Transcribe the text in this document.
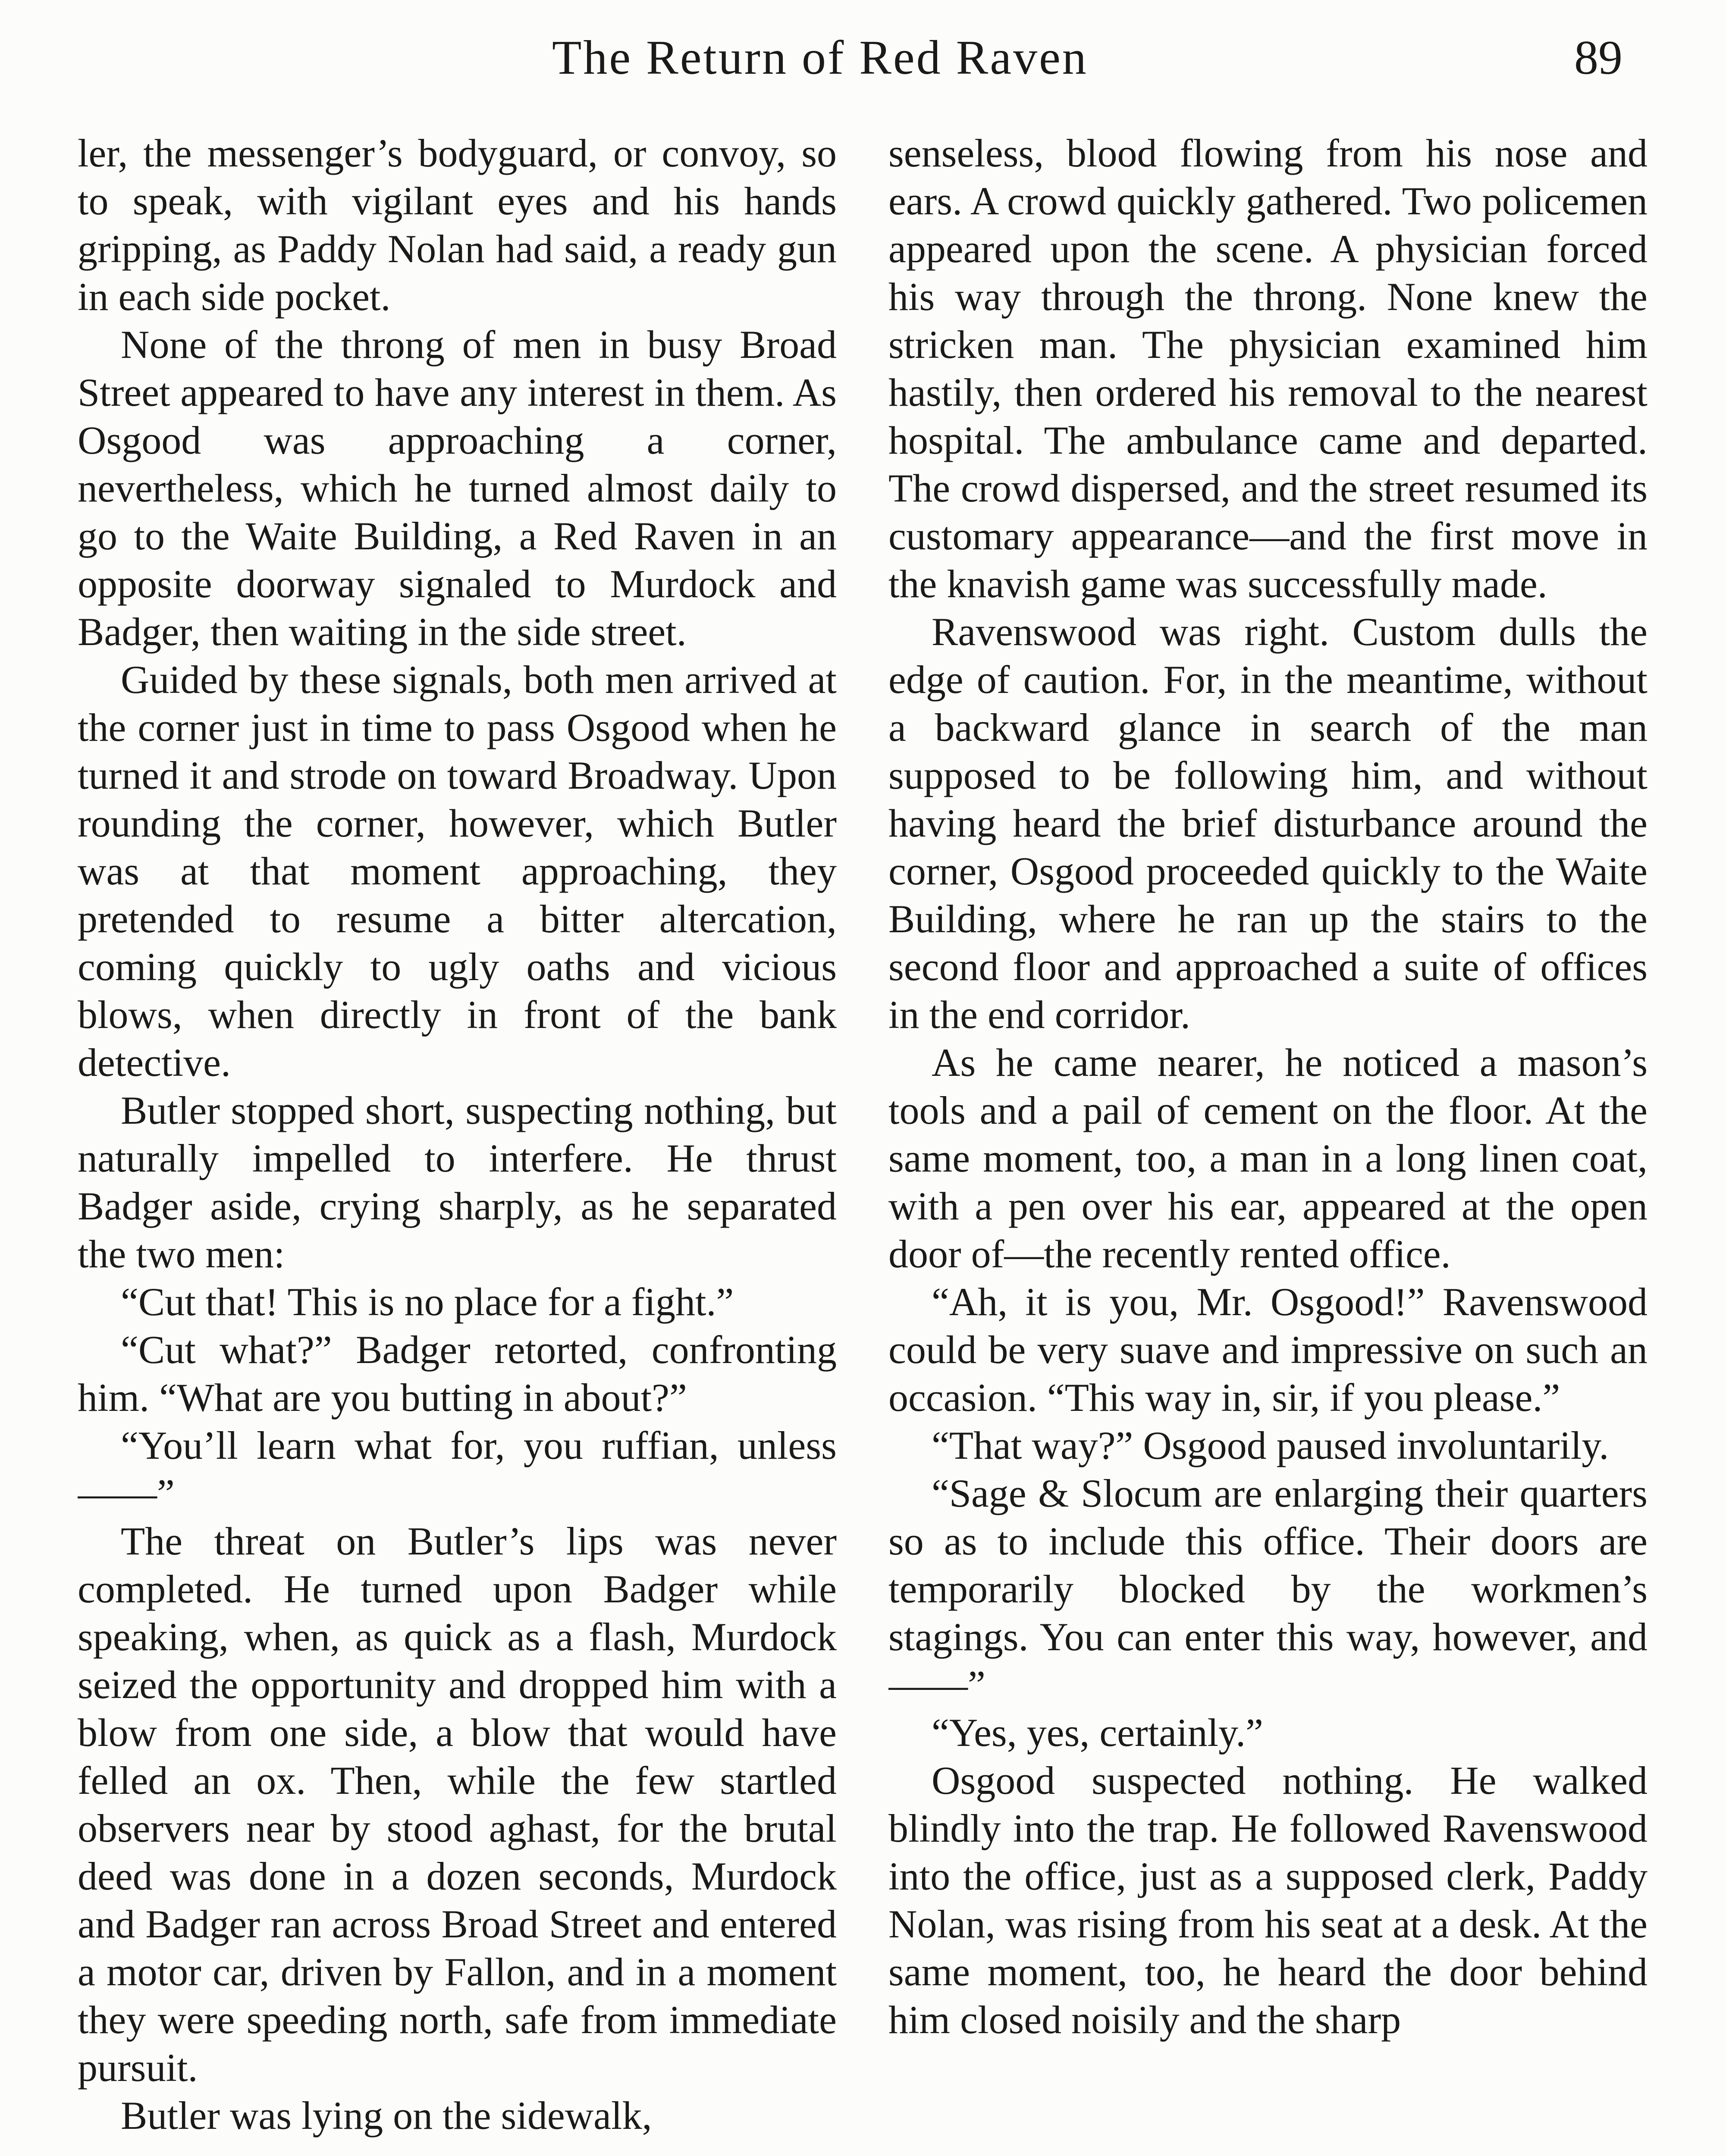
The Return of Red Raven	89

ler, the messenger’s bodyguard, or convoy, so to speak, with vigilant eyes and his hands gripping, as Paddy Nolan had said, a ready gun in each side pocket.

None of the throng of men in busy Broad Street appeared to have any interest in them. As Osgood was approaching a corner, nevertheless, which he turned almost daily to go to the Waite Building, a Red Raven in an opposite doorway signaled to Murdock and Badger, then waiting in the side street.

Guided by these signals, both men arrived at the corner just in time to pass Osgood when he turned it and strode on toward Broadway. Upon rounding the corner, however, which Butler was at that moment approaching, they pretended to resume a bitter altercation, coming quickly to ugly oaths and vicious blows, when directly in front of the bank detective.

Butler stopped short, suspecting nothing, but naturally impelled to interfere. He thrust Badger aside, crying sharply, as he separated the two men:

“Cut that! This is no place for a fight.”

“Cut what?” Badger retorted, confronting him. “What are you butting in about?”

“You’ll learn what for, you ruffian, unless——”

The threat on Butler’s lips was never completed. He turned upon Badger while speaking, when, as quick as a flash, Murdock seized the opportunity and dropped him with a blow from one side, a blow that would have felled an ox. Then, while the few startled observers near by stood aghast, for the brutal deed was done in a dozen seconds, Murdock and Badger ran across Broad Street and entered a motor car, driven by Fallon, and in a moment they were speeding north, safe from immediate pursuit.

Butler was lying on the sidewalk,

senseless, blood flowing from his nose and ears. A crowd quickly gathered. Two policemen appeared upon the scene. A physician forced his way through the throng. None knew the stricken man. The physician examined him hastily, then ordered his removal to the nearest hospital. The ambulance came and departed. The crowd dispersed, and the street resumed its customary appearance—and the first move in the knavish game was successfully made.

Ravenswood was right. Custom dulls the edge of caution. For, in the meantime, without a backward glance in search of the man supposed to be following him, and without having heard the brief disturbance around the corner, Osgood proceeded quickly to the Waite Building, where he ran up the stairs to the second floor and approached a suite of offices in the end corridor.

As he came nearer, he noticed a mason’s tools and a pail of cement on the floor. At the same moment, too, a man in a long linen coat, with a pen over his ear, appeared at the open door of—the recently rented office.

“Ah, it is you, Mr. Osgood!” Ravenswood could be very suave and impressive on such an occasion. “This way in, sir, if you please.”

“That way?” Osgood paused involuntarily.

“Sage & Slocum are enlarging their quarters so as to include this office. Their doors are temporarily blocked by the workmen’s stagings. You can enter this way, however, and——”

“Yes, yes, certainly.”

Osgood suspected nothing. He walked blindly into the trap. He followed Ravenswood into the office, just as a supposed clerk, Paddy Nolan, was rising from his seat at a desk. At the same moment, too, he heard the door behind him closed noisily and the sharp
